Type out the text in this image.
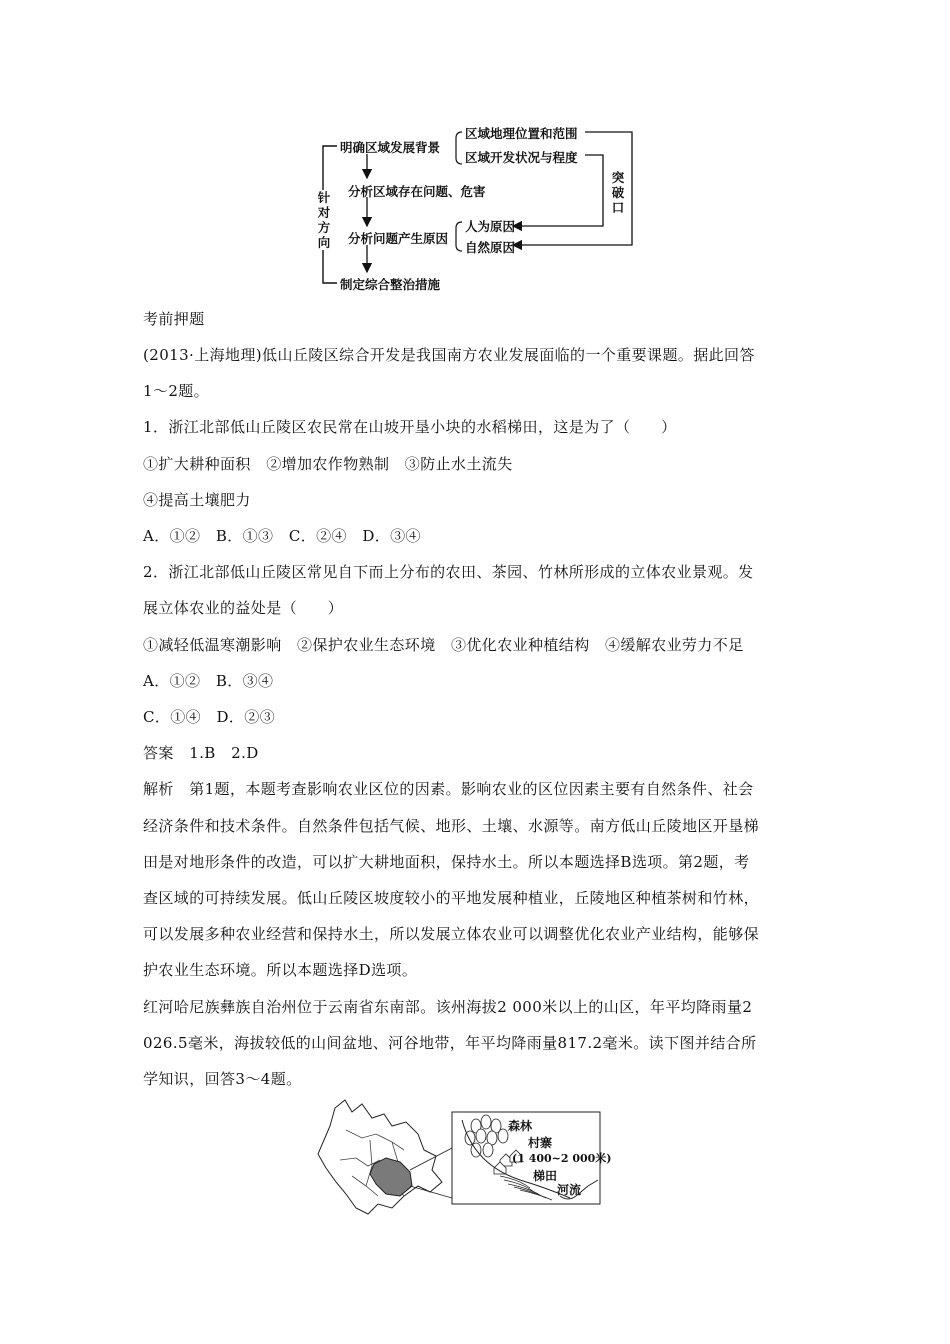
明确区域发展背景
区域地理位置和范围
区域开发状况与程度
分析区域存在问题、危害
分析问题产生原因
人为原因
自然原因
制定综合整治措施
针对方向
突破口
考前押题
(2013·上海地理)低山丘陵区综合开发是我国南方农业发展面临的一个重要课题。据此回答
1～2题。
1．浙江北部低山丘陵区农民常在山坡开垦小块的水稻梯田，这是为了（　　）
①扩大耕种面积　②增加农作物熟制　③防止水土流失
④提高土壤肥力
A．①②　B．①③　C．②④　D．③④
2．浙江北部低山丘陵区常见自下而上分布的农田、茶园、竹林所形成的立体农业景观。发
展立体农业的益处是（　　）
①减轻低温寒潮影响　②保护农业生态环境　③优化农业种植结构　④缓解农业劳力不足
A．①②　B．③④
C．①④　D．②③
答案　1.B　2.D
解析　第1题，本题考查影响农业区位的因素。影响农业的区位因素主要有自然条件、社会
经济条件和技术条件。自然条件包括气候、地形、土壤、水源等。南方低山丘陵地区开垦梯
田是对地形条件的改造，可以扩大耕地面积，保持水土。所以本题选择B选项。第2题，考
查区域的可持续发展。低山丘陵区坡度较小的平地发展种植业，丘陵地区种植茶树和竹林，
可以发展多种农业经营和保持水土，所以发展立体农业可以调整优化农业产业结构，能够保
护农业生态环境。所以本题选择D选项。
红河哈尼族彝族自治州位于云南省东南部。该州海拔2 000米以上的山区，年平均降雨量2
026.5毫米，海拔较低的山间盆地、河谷地带，年平均降雨量817.2毫米。读下图并结合所
学知识，回答3～4题。
森林
村寨
(1 400~2 000米)
梯田
河流
